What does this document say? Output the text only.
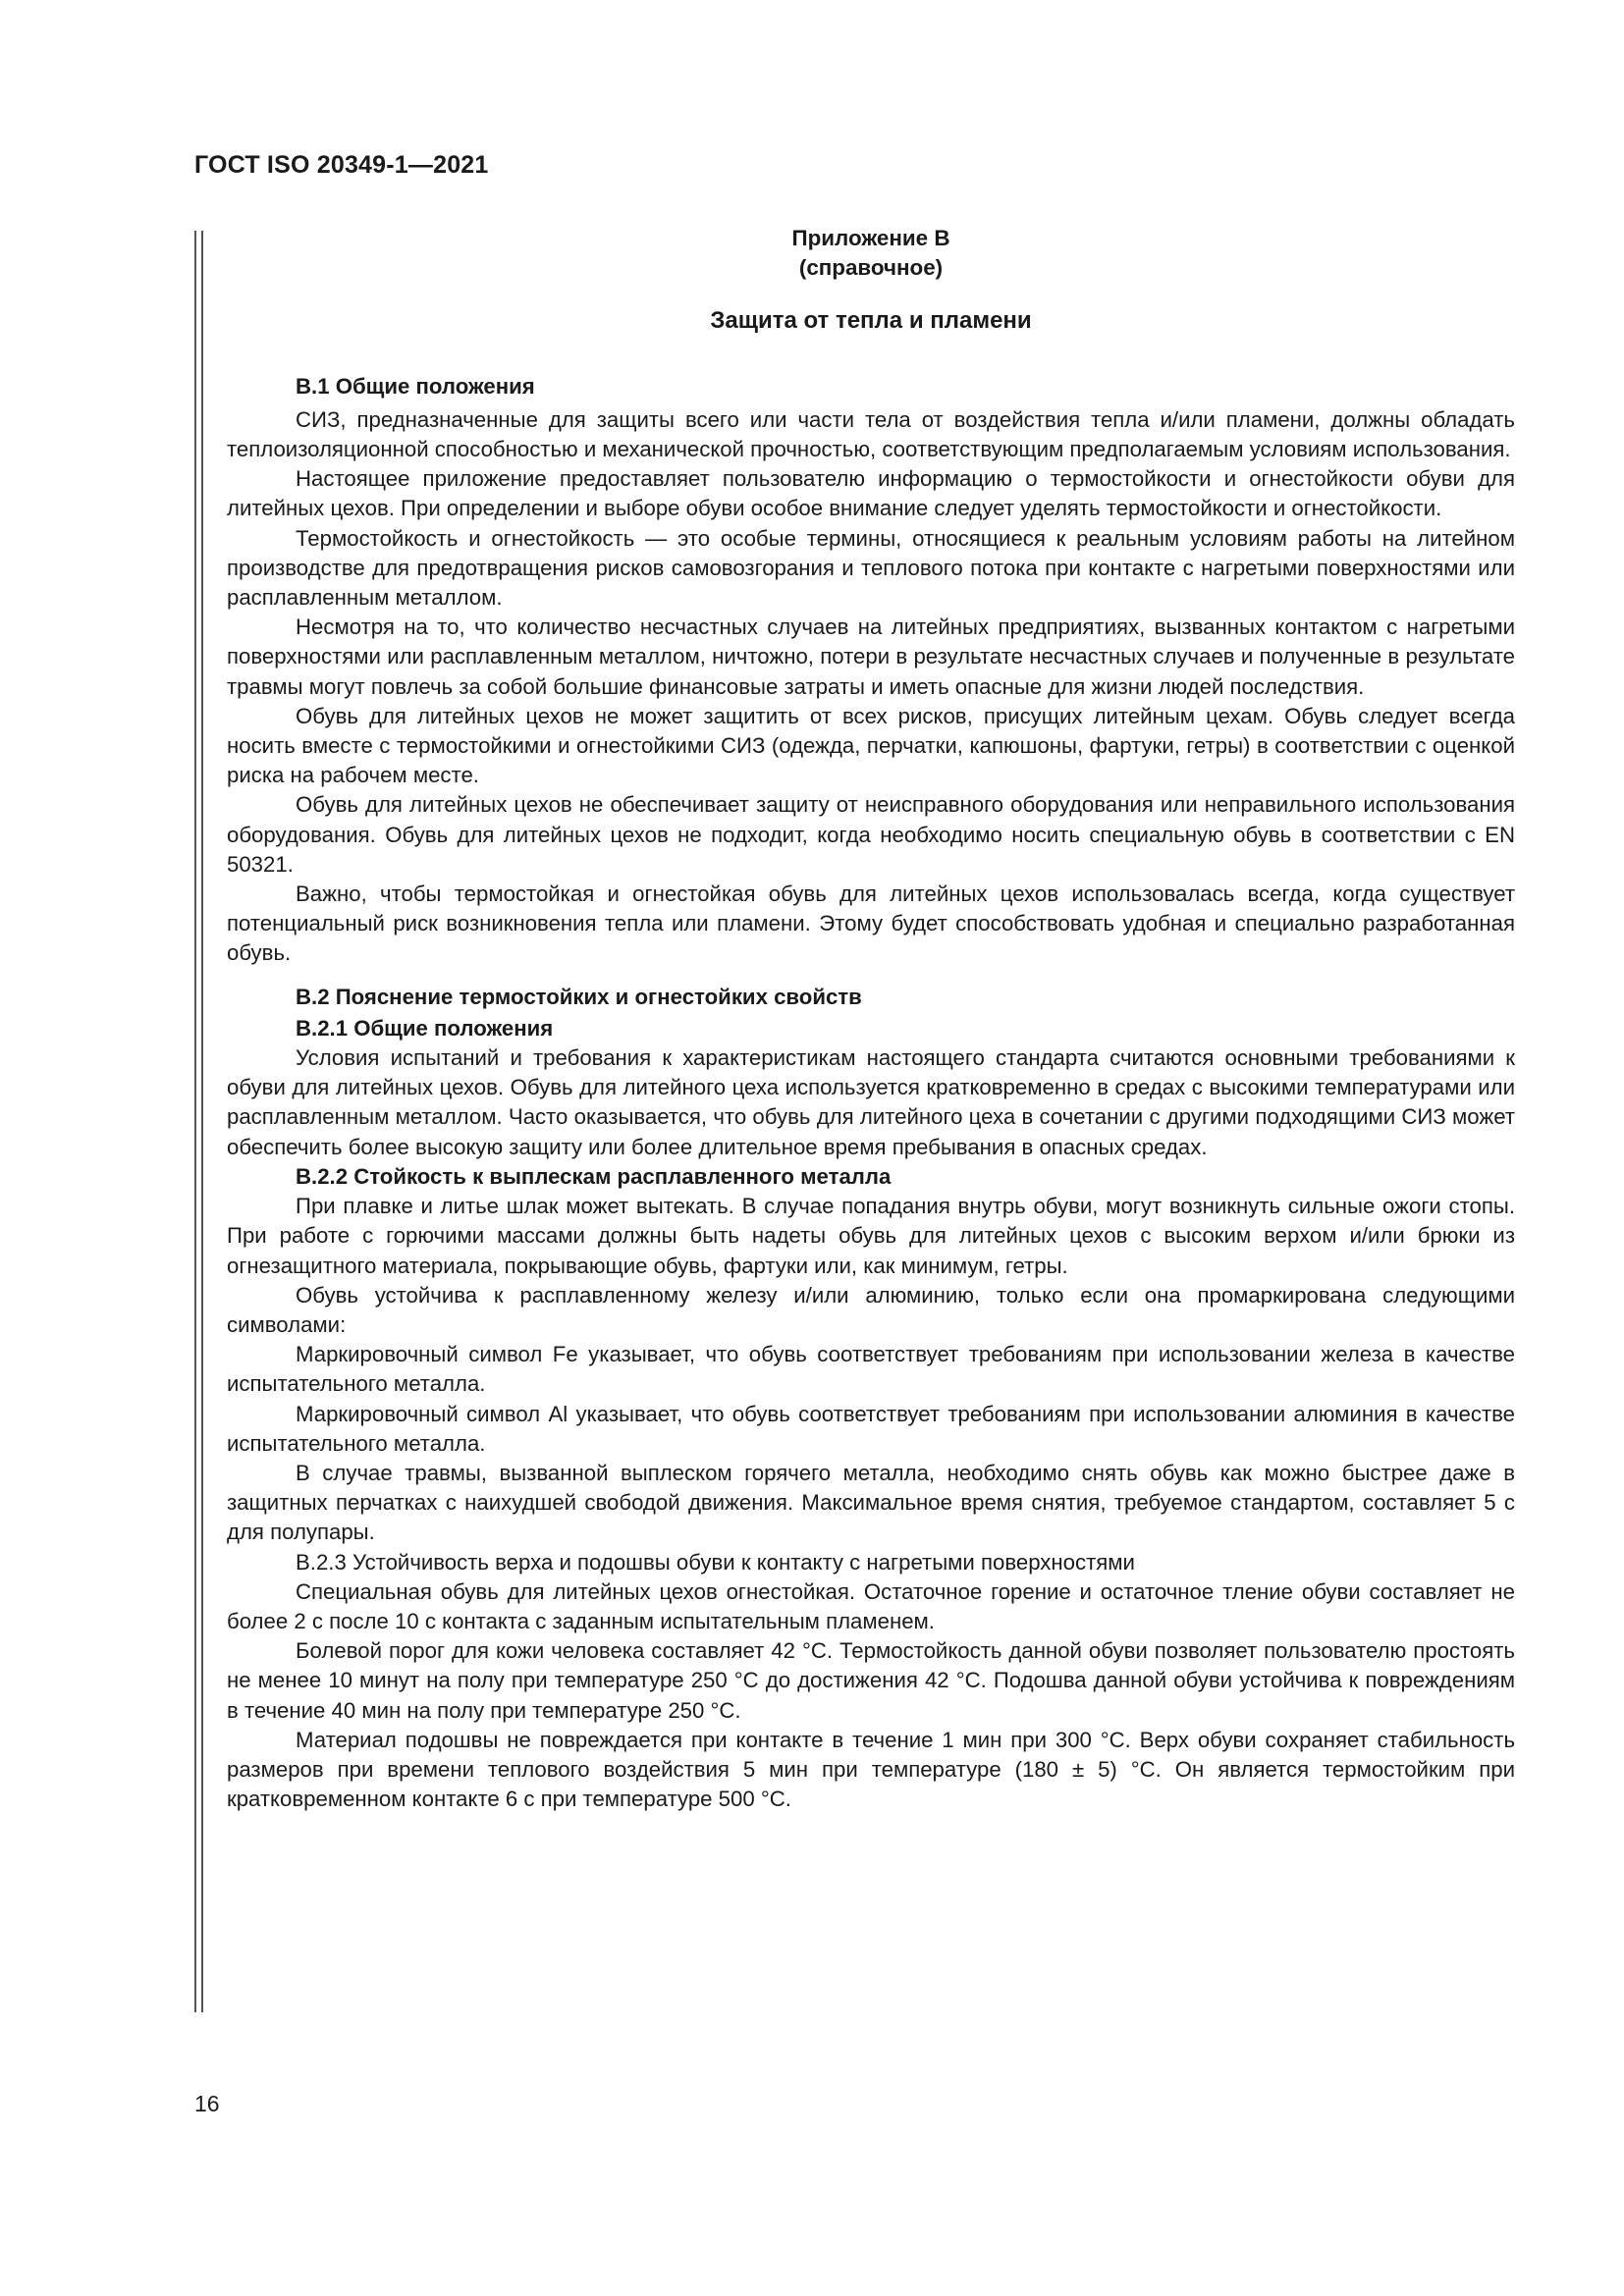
ГОСТ ISO 20349-1—2021
Приложение В
(справочное)
Защита от тепла и пламени
В.1 Общие положения

СИЗ, предназначенные для защиты всего или части тела от воздействия тепла и/или пламени, должны обладать теплоизоляционной способностью и механической прочностью, соответствующим предполагаемым условиям использования.

Настоящее приложение предоставляет пользователю информацию о термостойкости и огнестойкости обуви для литейных цехов. При определении и выборе обуви особое внимание следует уделять термостойкости и огнестойкости.

Термостойкость и огнестойкость — это особые термины, относящиеся к реальным условиям работы на литейном производстве для предотвращения рисков самовозгорания и теплового потока при контакте с нагретыми поверхностями или расплавленным металлом.

Несмотря на то, что количество несчастных случаев на литейных предприятиях, вызванных контактом с нагретыми поверхностями или расплавленным металлом, ничтожно, потери в результате несчастных случаев и полученные в результате травмы могут повлечь за собой большие финансовые затраты и иметь опасные для жизни людей последствия.

Обувь для литейных цехов не может защитить от всех рисков, присущих литейным цехам. Обувь следует всегда носить вместе с термостойкими и огнестойкими СИЗ (одежда, перчатки, капюшоны, фартуки, гетры) в соответствии с оценкой риска на рабочем месте.

Обувь для литейных цехов не обеспечивает защиту от неисправного оборудования или неправильного использования оборудования. Обувь для литейных цехов не подходит, когда необходимо носить специальную обувь в соответствии с EN 50321.

Важно, чтобы термостойкая и огнестойкая обувь для литейных цехов использовалась всегда, когда существует потенциальный риск возникновения тепла или пламени. Этому будет способствовать удобная и специально разработанная обувь.

В.2 Пояснение термостойких и огнестойких свойств
В.2.1 Общие положения

Условия испытаний и требования к характеристикам настоящего стандарта считаются основными требованиями к обуви для литейных цехов. Обувь для литейного цеха используется кратковременно в средах с высокими температурами или расплавленным металлом. Часто оказывается, что обувь для литейного цеха в сочетании с другими подходящими СИЗ может обеспечить более высокую защиту или более длительное время пребывания в опасных средах.

В.2.2 Стойкость к выплескам расплавленного металла

При плавке и литье шлак может вытекать. В случае попадания внутрь обуви, могут возникнуть сильные ожоги стопы. При работе с горючими массами должны быть надеты обувь для литейных цехов с высоким верхом и/или брюки из огнезащитного материала, покрывающие обувь, фартуки или, как минимум, гетры.

Обувь устойчива к расплавленному железу и/или алюминию, только если она промаркирована следующими символами:

Маркировочный символ Fe указывает, что обувь соответствует требованиям при использовании железа в качестве испытательного металла.

Маркировочный символ Al указывает, что обувь соответствует требованиям при использовании алюминия в качестве испытательного металла.

В случае травмы, вызванной выплеском горячего металла, необходимо снять обувь как можно быстрее даже в защитных перчатках с наихудшей свободой движения. Максимальное время снятия, требуемое стандартом, составляет 5 с для полупары.

В.2.3 Устойчивость верха и подошвы обуви к контакту с нагретыми поверхностями

Специальная обувь для литейных цехов огнестойкая. Остаточное горение и остаточное тление обуви составляет не более 2 с после 10 с контакта с заданным испытательным пламенем.

Болевой порог для кожи человека составляет 42 °С. Термостойкость данной обуви позволяет пользователю простоять не менее 10 минут на полу при температуре 250 °С до достижения 42 °С. Подошва данной обуви устойчива к повреждениям в течение 40 мин на полу при температуре 250 °С.

Материал подошвы не повреждается при контакте в течение 1 мин при 300 °С. Верх обуви сохраняет стабильность размеров при времени теплового воздействия 5 мин при температуре (180 ± 5) °С. Он является термостойким при кратковременном контакте 6 с при температуре 500 °С.

16
